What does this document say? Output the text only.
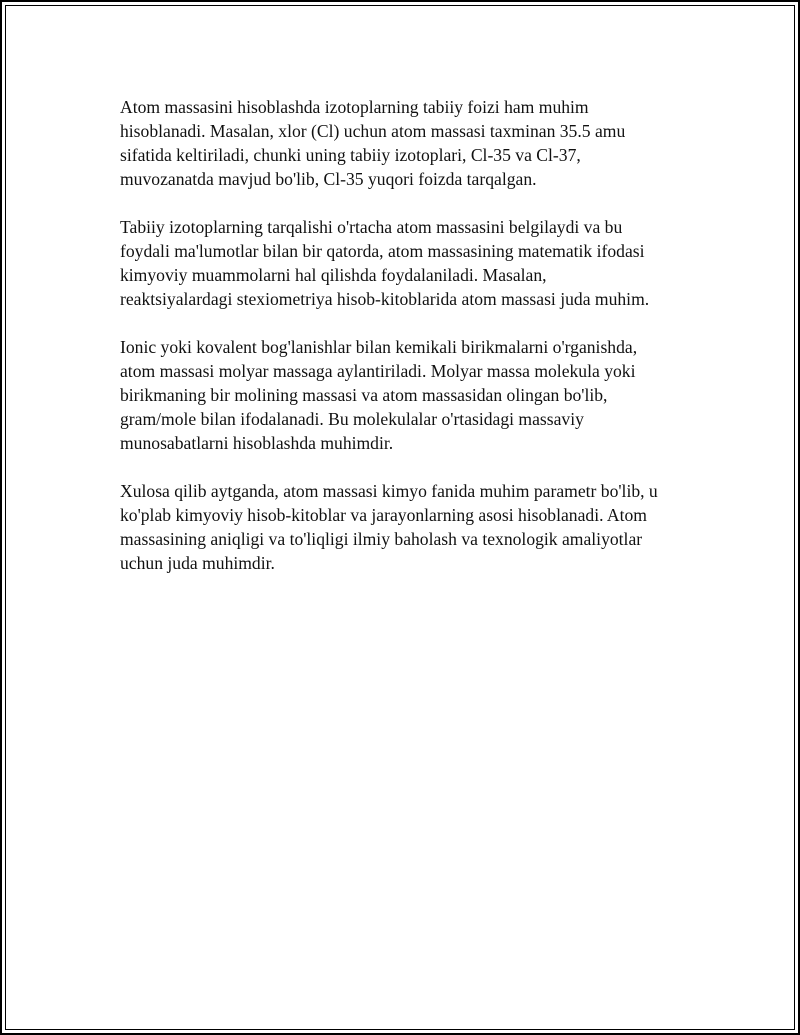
Atom massasini hisoblashda izotoplarning tabiiy foizi ham muhim
hisoblanadi. Masalan, xlor (Cl) uchun atom massasi taxminan 35.5 amu
sifatida keltiriladi, chunki uning tabiiy izotoplari, Cl-35 va Cl-37,
muvozanatda mavjud bo'lib, Cl-35 yuqori foizda tarqalgan.

Tabiiy izotoplarning tarqalishi o'rtacha atom massasini belgilaydi va bu
foydali ma'lumotlar bilan bir qatorda, atom massasining matematik ifodasi
kimyoviy muammolarni hal qilishda foydalaniladi. Masalan,
reaktsiyalardagi stexiometriya hisob-kitoblarida atom massasi juda muhim.

Ionic yoki kovalent bog'lanishlar bilan kemikali birikmalarni o'rganishda,
atom massasi molyar massaga aylantiriladi. Molyar massa molekula yoki
birikmaning bir molining massasi va atom massasidan olingan bo'lib,
gram/mole bilan ifodalanadi. Bu molekulalar o'rtasidagi massaviy
munosabatlarni hisoblashda muhimdir.

Xulosa qilib aytganda, atom massasi kimyo fanida muhim parametr bo'lib, u
ko'plab kimyoviy hisob-kitoblar va jarayonlarning asosi hisoblanadi. Atom
massasining aniqligi va to'liqligi ilmiy baholash va texnologik amaliyotlar
uchun juda muhimdir.
